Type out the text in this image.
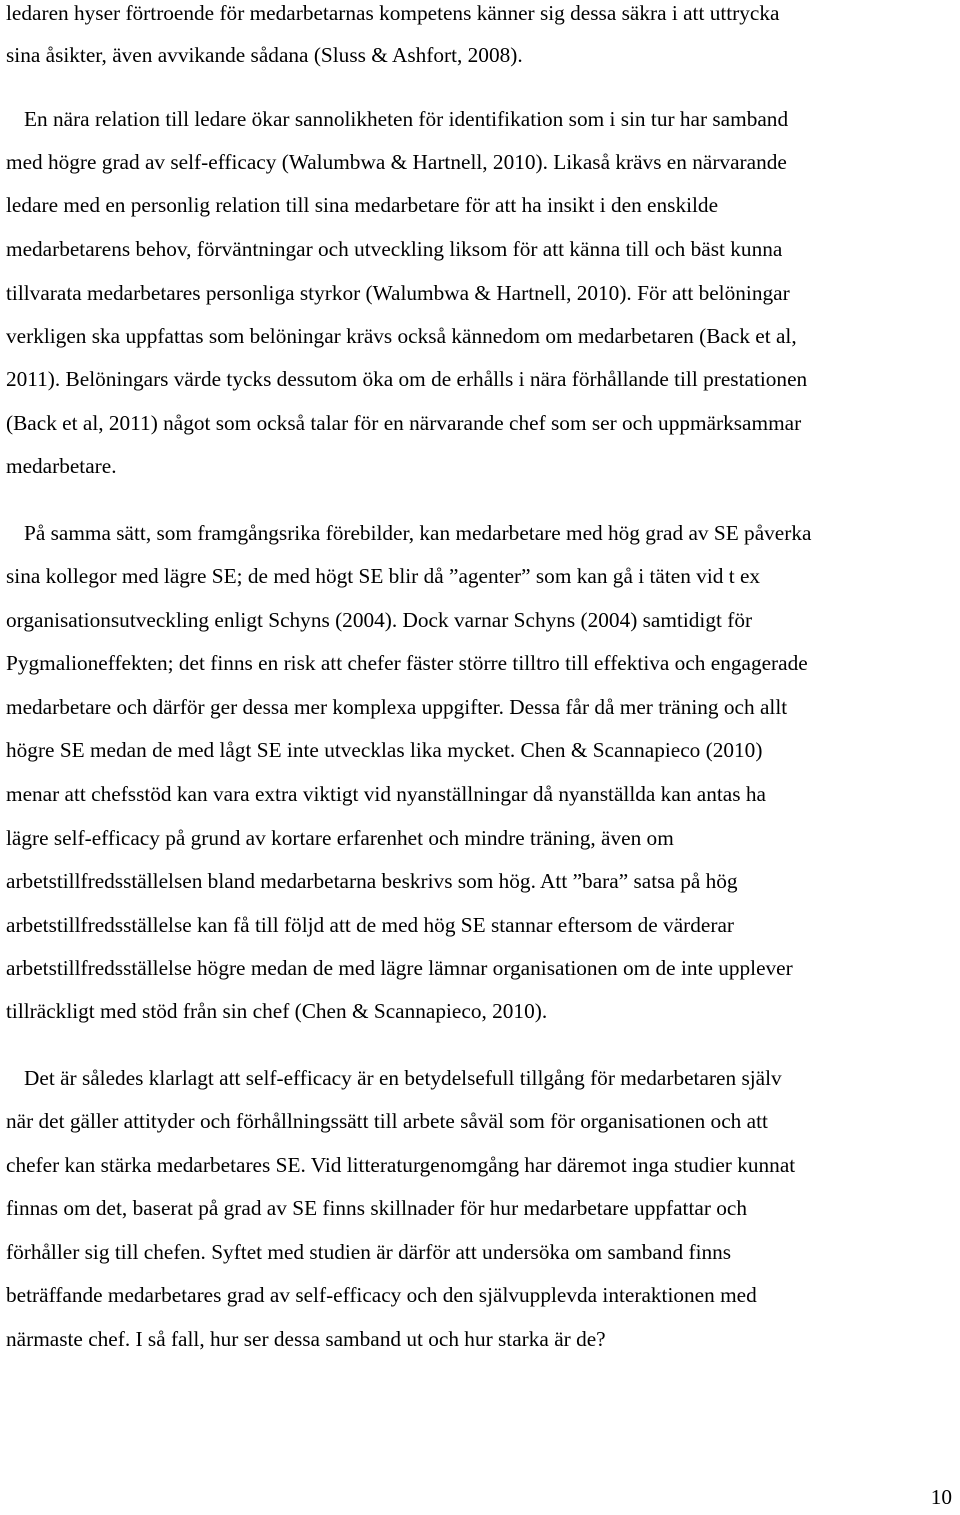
ledaren hyser förtroende för medarbetarnas kompetens känner sig dessa säkra i att uttrycka
sina åsikter, även avvikande sådana (Sluss & Ashfort, 2008).
En nära relation till ledare ökar sannolikheten för identifikation som i sin tur har samband
med högre grad av self-efficacy (Walumbwa & Hartnell, 2010). Likaså krävs en närvarande
ledare med en personlig relation till sina medarbetare för att ha insikt i den enskilde
medarbetarens behov, förväntningar och utveckling liksom för att känna till och bäst kunna
tillvarata medarbetares personliga styrkor (Walumbwa & Hartnell, 2010). För att belöningar
verkligen ska uppfattas som belöningar krävs också kännedom om medarbetaren (Back et al,
2011). Belöningars värde tycks dessutom öka om de erhålls i nära förhållande till prestationen
(Back et al, 2011) något som också talar för en närvarande chef som ser och uppmärksammar
medarbetare.
På samma sätt, som framgångsrika förebilder, kan medarbetare med hög grad av SE påverka
sina kollegor med lägre SE; de med högt SE blir då ”agenter” som kan gå i täten vid t ex
organisationsutveckling enligt Schyns (2004). Dock varnar Schyns (2004) samtidigt för
Pygmalioneffekten; det finns en risk att chefer fäster större tilltro till effektiva och engagerade
medarbetare och därför ger dessa mer komplexa uppgifter. Dessa får då mer träning och allt
högre SE medan de med lågt SE inte utvecklas lika mycket. Chen & Scannapieco (2010)
menar att chefsstöd kan vara extra viktigt vid nyanställningar då nyanställda kan antas ha
lägre self-efficacy på grund av kortare erfarenhet och mindre träning, även om
arbetstillfredsställelsen bland medarbetarna beskrivs som hög. Att ”bara” satsa på hög
arbetstillfredsställelse kan få till följd att de med hög SE stannar eftersom de värderar
arbetstillfredsställelse högre medan de med lägre lämnar organisationen om de inte upplever
tillräckligt med stöd från sin chef (Chen & Scannapieco, 2010).
Det är således klarlagt att self-efficacy är en betydelsefull tillgång för medarbetaren själv
när det gäller attityder och förhållningssätt till arbete såväl som för organisationen och att
chefer kan stärka medarbetares SE. Vid litteraturgenomgång har däremot inga studier kunnat
finnas om det, baserat på grad av SE finns skillnader för hur medarbetare uppfattar och
förhåller sig till chefen. Syftet med studien är därför att undersöka om samband finns
beträffande medarbetares grad av self-efficacy och den självupplevda interaktionen med
närmaste chef. I så fall, hur ser dessa samband ut och hur starka är de?
10
